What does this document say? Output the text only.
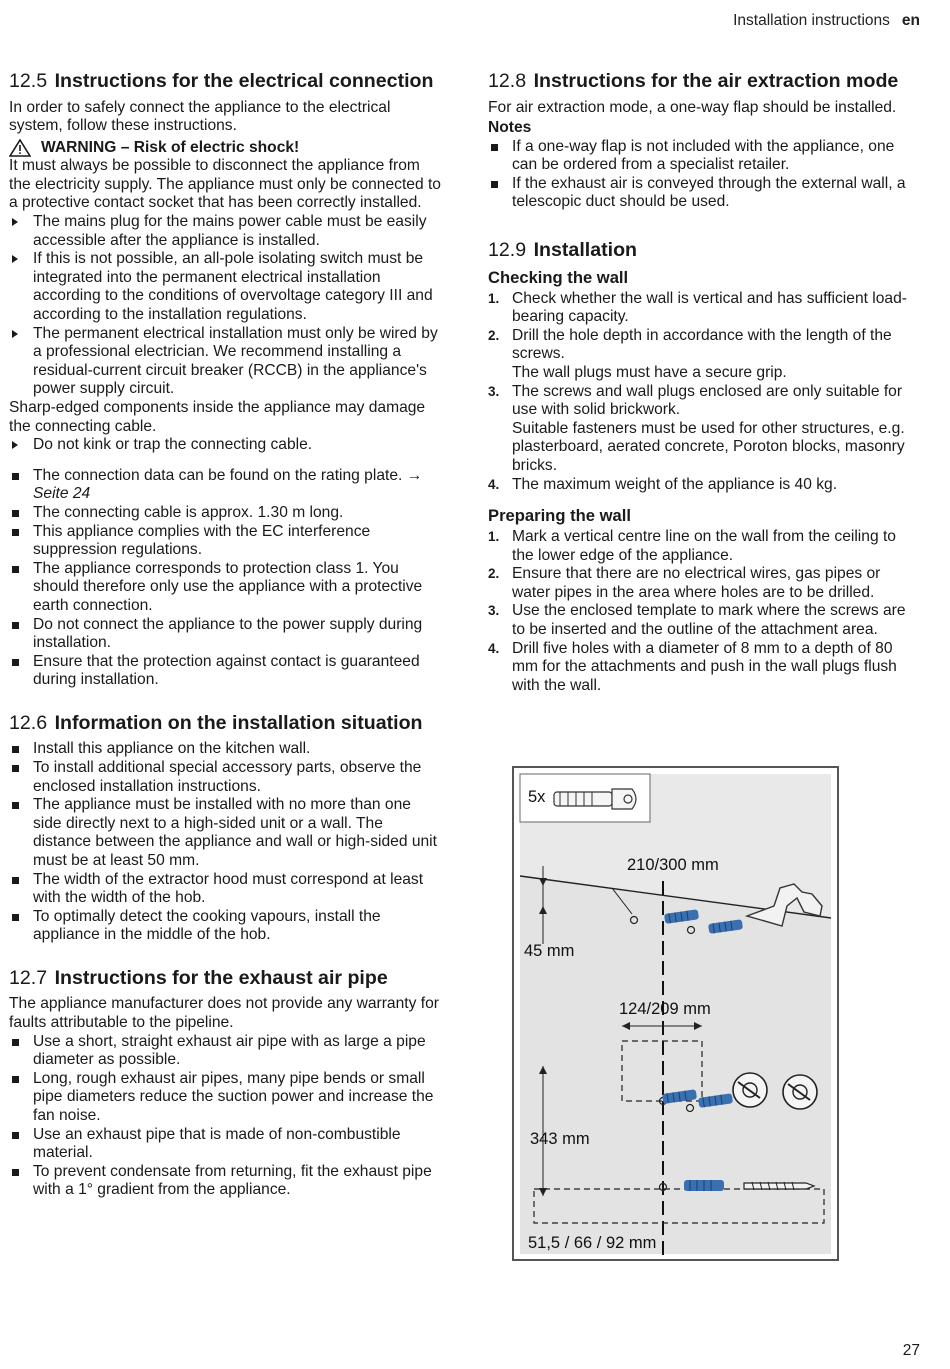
Installation instructions en
12.5 Instructions for the electrical connection

In order to safely connect the appliance to the electrical system, follow these instructions.

WARNING – Risk of electric shock!

It must always be possible to disconnect the appliance from the electricity supply. The appliance must only be connected to a protective contact socket that has been correctly installed.

The mains plug for the mains power cable must be easily accessible after the appliance is installed.
If this is not possible, an all-pole isolating switch must be integrated into the permanent electrical installation according to the conditions of overvoltage category III and according to the installation regulations.
The permanent electrical installation must only be wired by a professional electrician. We recommend installing a residual-current circuit breaker (RCCB) in the appliance's power supply circuit.

Sharp-edged components inside the appliance may damage the connecting cable.

Do not kink or trap the connecting cable.
The connection data can be found on the rating plate. → Seite 24
The connecting cable is approx. 1.30 m long.
This appliance complies with the EC interference suppression regulations.
The appliance corresponds to protection class 1. You should therefore only use the appliance with a protective earth connection.
Do not connect the appliance to the power supply during installation.
Ensure that the protection against contact is guaranteed during installation.
12.6 Information on the installation situation
Install this appliance on the kitchen wall.
To install additional special accessory parts, observe the enclosed installation instructions.
The appliance must be installed with no more than one side directly next to a high-sided unit or a wall. The distance between the appliance and wall or high-sided unit must be at least 50 mm.
The width of the extractor hood must correspond at least with the width of the hob.
To optimally detect the cooking vapours, install the appliance in the middle of the hob.
12.7 Instructions for the exhaust air pipe

The appliance manufacturer does not provide any warranty for faults attributable to the pipeline.

Use a short, straight exhaust air pipe with as large a pipe diameter as possible.
Long, rough exhaust air pipes, many pipe bends or small pipe diameters reduce the suction power and increase the fan noise.
Use an exhaust pipe that is made of non-combustible material.
To prevent condensate from returning, fit the exhaust pipe with a 1° gradient from the appliance.
12.8 Instructions for the air extraction mode

For air extraction mode, a one-way flap should be installed.

Notes

If a one-way flap is not included with the appliance, one can be ordered from a specialist retailer.
If the exhaust air is conveyed through the external wall, a telescopic duct should be used.
12.9 Installation
Checking the wall
1. Check whether the wall is vertical and has sufficient load-bearing capacity.

2. Drill the hole depth in accordance with the length of the screws.

The wall plugs must have a secure grip.

3. The screws and wall plugs enclosed are only suitable for use with solid brickwork.

Suitable fasteners must be used for other structures, e.g. plasterboard, aerated concrete, Poroton blocks, masonry bricks.

4. The maximum weight of the appliance is 40 kg.

Preparing the wall
1. Mark a vertical centre line on the wall from the ceiling to the lower edge of the appliance.

2. Ensure that there are no electrical wires, gas pipes or water pipes in the area where holes are to be drilled.

3. Use the enclosed template to mark where the screws are to be inserted and the outline of the attachment area.

4. Drill five holes with a diameter of 8 mm to a depth of 80 mm for the attachments and push in the wall plugs flush with the wall.

5x
210/300 mm
45 mm
124/209 mm
343 mm
51,5 / 66 / 92 mm
27
